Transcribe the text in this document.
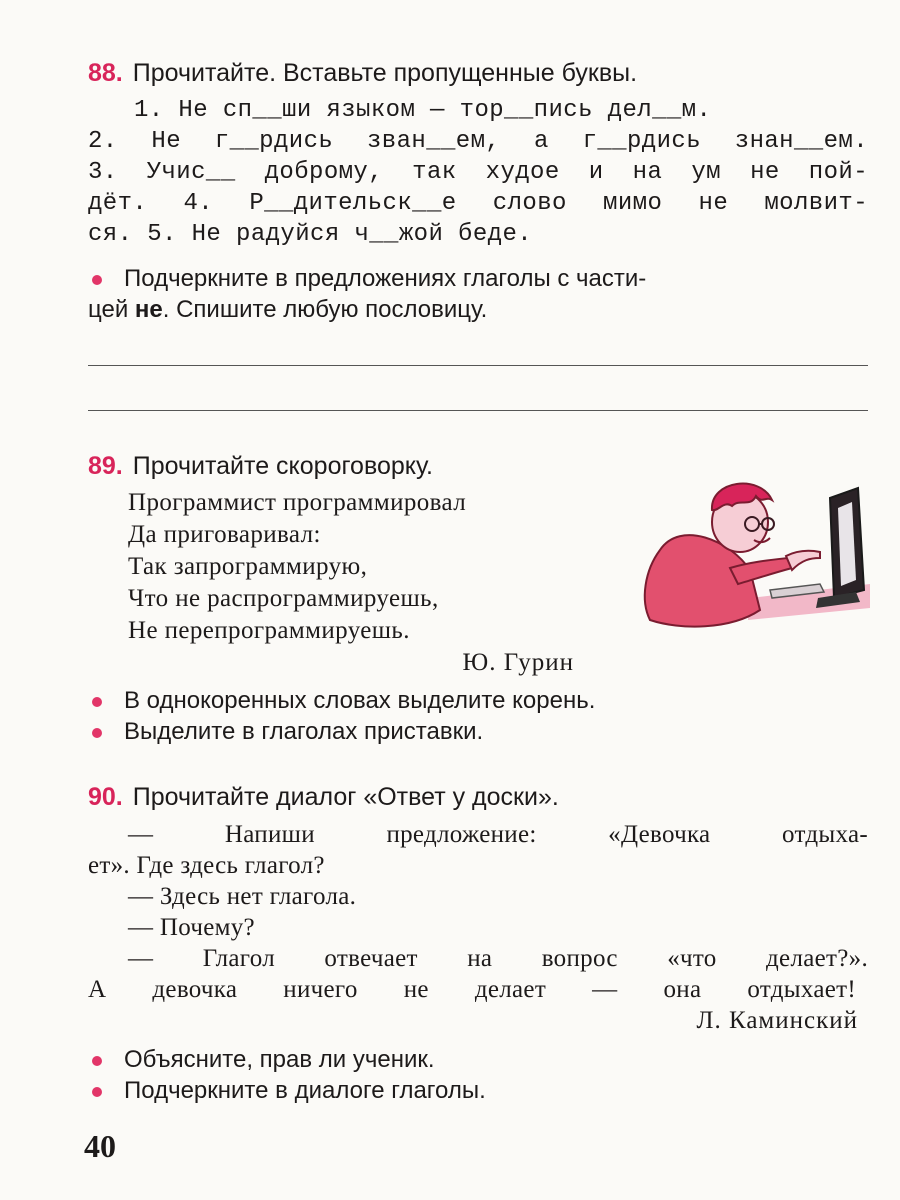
88. Прочитайте. Вставьте пропущенные буквы.
1. Не сп__ши языком — тор__пись дел__м.
2. Не г__рдись зван__ем, а г__рдись знан__ем.
3. Учис__ доброму, так худое и на ум не пой-
дёт. 4. Р__дительск__е слово мимо не молвит-
ся. 5. Не радуйся ч__жой беде.
Подчеркните в предложениях глаголы с части-
цей не. Спишите любую пословицу.
89. Прочитайте скороговорку.
Программист программировал
Да приговаривал:
Так запрограммирую,
Что не распрограммируешь,
Не перепрограммируешь.
Ю. Гурин
В однокоренных словах выделите корень.
Выделите в глаголах приставки.
90. Прочитайте диалог «Ответ у доски».
— Напиши предложение: «Девочка отдыха-
ет». Где здесь глагол?
— Здесь нет глагола.
— Почему?
— Глагол отвечает на вопрос «что делает?».
А девочка ничего не делает — она отдыхает!
Л. Каминский
Объясните, прав ли ученик.
Подчеркните в диалоге глаголы.
40
